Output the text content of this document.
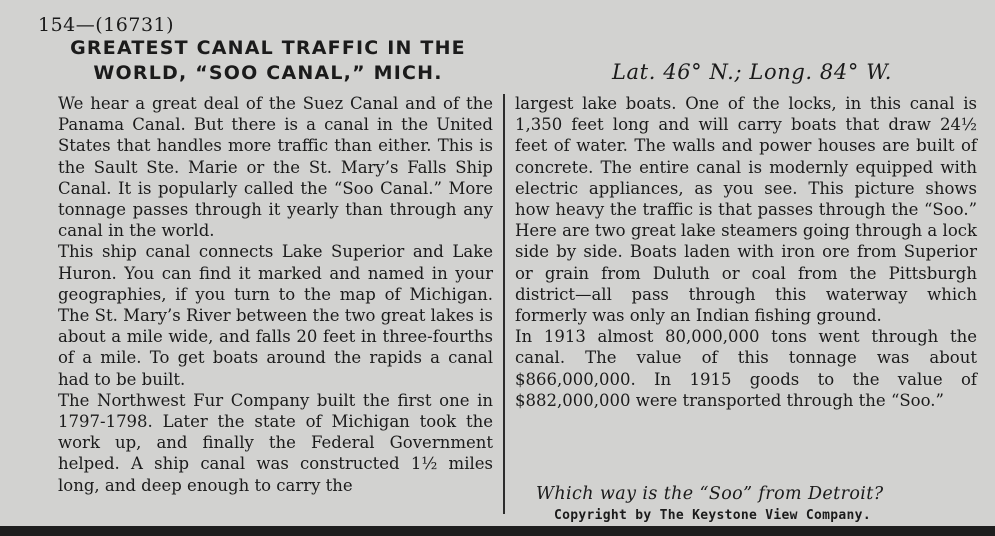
154—(16731)
GREATEST CANAL TRAFFIC IN THE
WORLD, “SOO CANAL,” MICH.	Lat. 46° N.; Long. 84° W.

We hear a great deal of the Suez Canal and of the Panama Canal. But there is a canal in the United States that handles more traffic than either. This is the Sault Ste. Marie or the St. Mary’s Falls Ship Canal. It is popularly called the “Soo Canal.” More tonnage passes through it yearly than through any canal in the world.

This ship canal connects Lake Superior and Lake Huron. You can find it marked and named in your geographies, if you turn to the map of Michigan. The St. Mary’s River between the two great lakes is about a mile wide, and falls 20 feet in three-fourths of a mile. To get boats around the rapids a canal had to be built.

The Northwest Fur Company built the first one in 1797-1798. Later the state of Michigan took the work up, and finally the Federal Government helped. A ship canal was constructed 1½ miles long, and deep enough to carry the

largest lake boats. One of the locks, in this canal is 1,350 feet long and will carry boats that draw 24½ feet of water. The walls and power houses are built of concrete. The entire canal is modernly equipped with electric appliances, as you see. This picture shows how heavy the traffic is that passes through the “Soo.” Here are two great lake steamers going through a lock side by side. Boats laden with iron ore from Superior or grain from Duluth or coal from the Pittsburgh district—all pass through this waterway which formerly was only an Indian fishing ground.

In 1913 almost 80,000,000 tons went through the canal. The value of this tonnage was about $866,000,000. In 1915 goods to the value of $882,000,000 were transported through the “Soo.”

Which way is the “Soo” from Detroit?
Copyright by The Keystone View Company.
